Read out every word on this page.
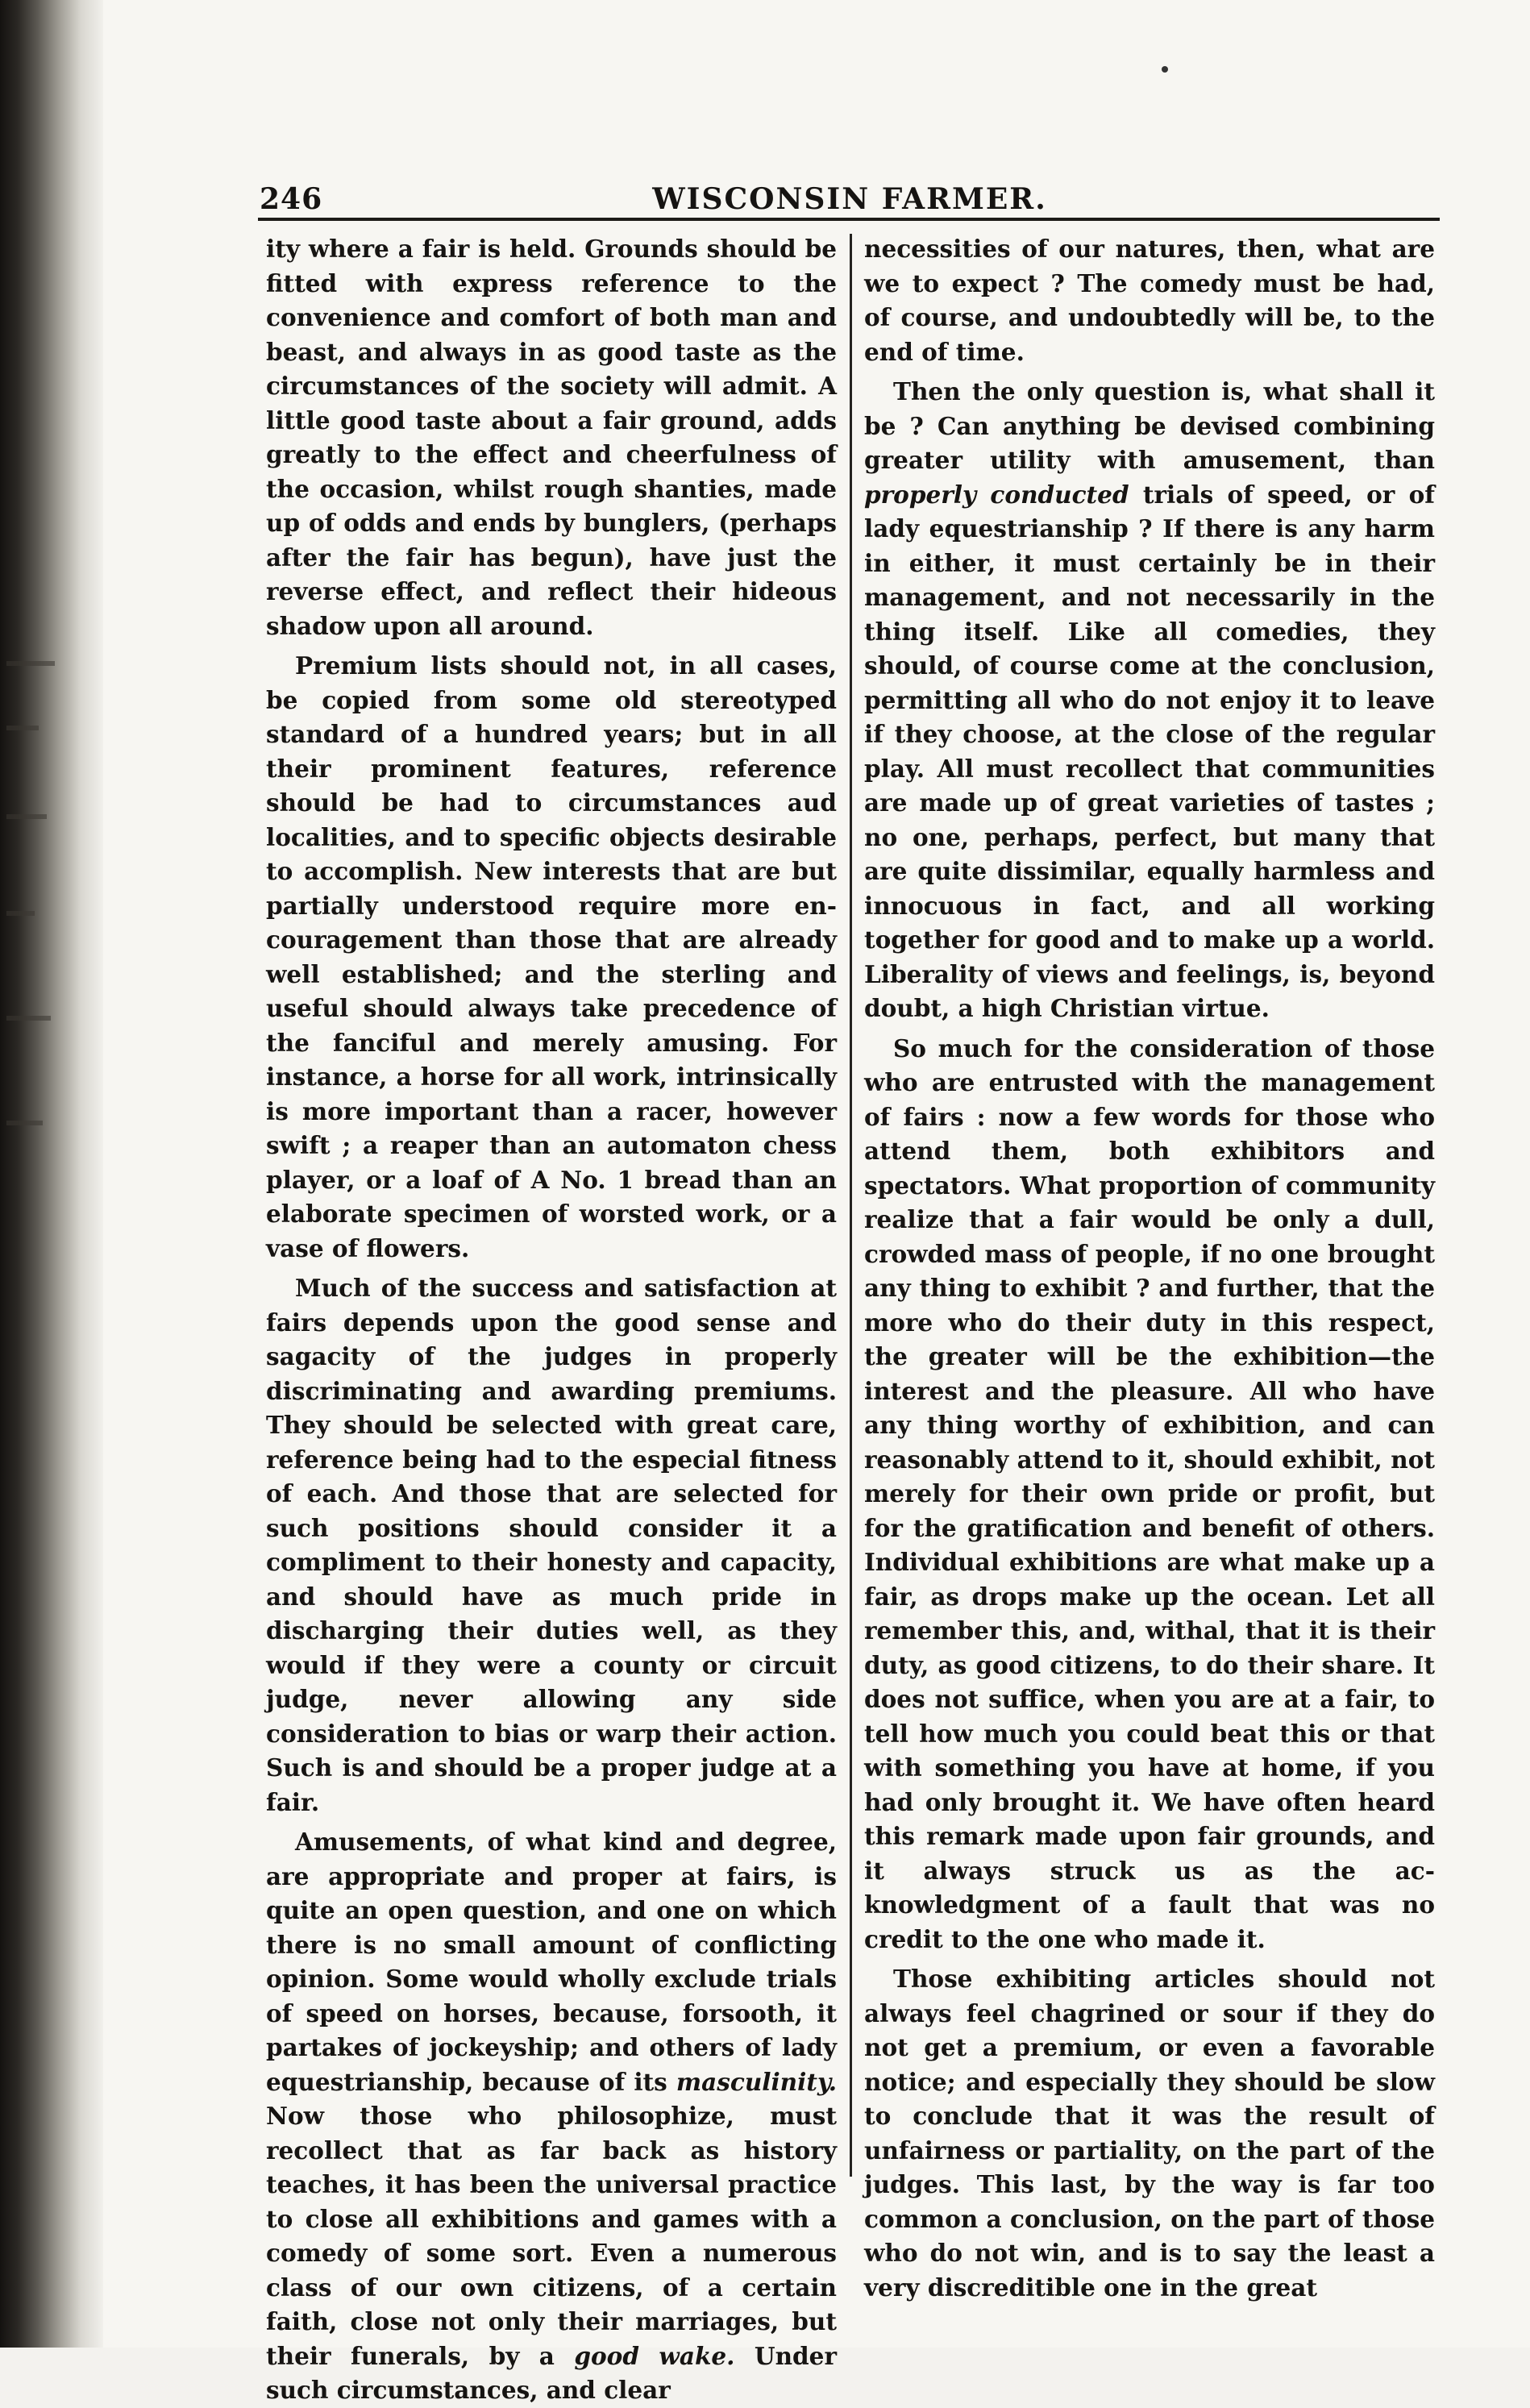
246	WISCONSIN FARMER.

ity where a fair is held. Grounds should be fitted with express reference to the convenience and comfort of both man and beast, and always in as good taste as the circumstances of the society will admit. A little good taste about a fair ground, adds greatly to the effect and cheerfulness of the occasion, whilst rough shanties, made up of odds and ends by bunglers, (perhaps after the fair has begun), have just the reverse effect, and reflect their hideous shadow upon all around.

Premium lists should not, in all cases, be copied from some old stereotyped standard of a hundred years; but in all their prominent features, reference should be had to circumstances aud localities, and to specific objects desirable to accomplish. New interests that are but partially understood require more encouragement than those that are already well established; and the sterling and useful should always take precedence of the fanciful and merely amusing. For instance, a horse for all work, intrinsically is more important than a racer, however swift ; a reaper than an automaton chess player, or a loaf of A No. 1 bread than an elaborate specimen of worsted work, or a vase of flowers.

Much of the success and satisfaction at fairs depends upon the good sense and sagacity of the judges in properly discriminating and awarding premiums. They should be selected with great care, reference being had to the especial fitness of each. And those that are selected for such positions should consider it a compliment to their honesty and capacity, and should have as much pride in discharging their duties well, as they would if they were a county or circuit judge, never allowing any side consideration to bias or warp their action. Such is and should be a proper judge at a fair.

Amusements, of what kind and degree, are appropriate and proper at fairs, is quite an open question, and one on which there is no small amount of conflicting opinion. Some would wholly exclude trials of speed on horses, because, forsooth, it partakes of jockeyship; and others of lady equestrianship, because of its masculinity. Now those who philosophize, must recollect that as far back as history teaches, it has been the universal practice to close all exhibitions and games with a comedy of some sort. Even a numerous class of our own citizens, of a certain faith, close not only their marriages, but their funerals, by a good wake. Under such circumstances, and clear

necessities of our natures, then, what are we to expect ? The comedy must be had, of course, and undoubtedly will be, to the end of time.

Then the only question is, what shall it be ? Can anything be devised combining greater utility with amusement, than properly conducted trials of speed, or of lady equestrianship ? If there is any harm in either, it must certainly be in their management, and not necessarily in the thing itself. Like all comedies, they should, of course come at the conclusion, permitting all who do not enjoy it to leave if they choose, at the close of the regular play. All must recollect that communities are made up of great varieties of tastes ; no one, perhaps, perfect, but many that are quite dissimilar, equally harmless and innocuous in fact, and all working together for good and to make up a world. Liberality of views and feelings, is, beyond doubt, a high Christian virtue.

So much for the consideration of those who are entrusted with the management of fairs : now a few words for those who attend them, both exhibitors and spectators. What proportion of community realize that a fair would be only a dull, crowded mass of people, if no one brought any thing to exhibit ? and further, that the more who do their duty in this respect, the greater will be the exhibition—the interest and the pleasure. All who have any thing worthy of exhibition, and can reasonably attend to it, should exhibit, not merely for their own pride or profit, but for the gratification and benefit of others. Individual exhibitions are what make up a fair, as drops make up the ocean. Let all remember this, and, withal, that it is their duty, as good citizens, to do their share. It does not suffice, when you are at a fair, to tell how much you could beat this or that with something you have at home, if you had only brought it. We have often heard this remark made upon fair grounds, and it always struck us as the acknowledgment of a fault that was no credit to the one who made it.

Those exhibiting articles should not always feel chagrined or sour if they do not get a premium, or even a favorable notice; and especially they should be slow to conclude that it was the result of unfairness or partiality, on the part of the judges. This last, by the way is far too common a conclusion, on the part of those who do not win, and is to say the least a very discreditible one in the great
